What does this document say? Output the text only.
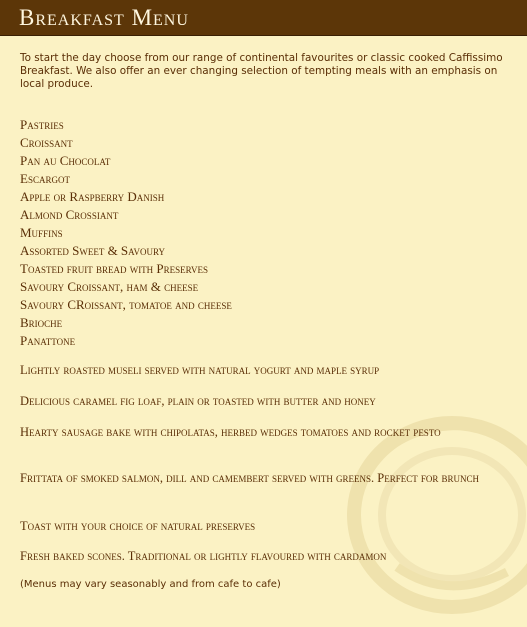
Breakfast Menu

To start the day choose from our range of continental favourites or classic cooked Caffissimo Breakfast. We also offer an ever changing selection of tempting meals with an emphasis on local produce.

Pastries
Croissant
Pan au Chocolat
Escargot
Apple or Raspberry Danish
Almond Crossiant
Muffins
Assorted Sweet & Savoury
Toasted fruit bread with Preserves
Savoury Croissant, ham & cheese
Savoury CRoissant, tomatoe and cheese
Brioche
Panattone

Lightly roasted museli served with natural yogurt and maple syrup

Delicious caramel fig loaf, plain or toasted with butter and honey

Hearty sausage bake with chipolatas, herbed wedges tomatoes and rocket pesto

Frittata of smoked salmon, dill and camembert served with greens. Perfect for brunch

Toast with your choice of natural preserves

Fresh baked scones. Traditional or lightly flavoured with cardamon

(Menus may vary seasonably and from cafe to cafe)
